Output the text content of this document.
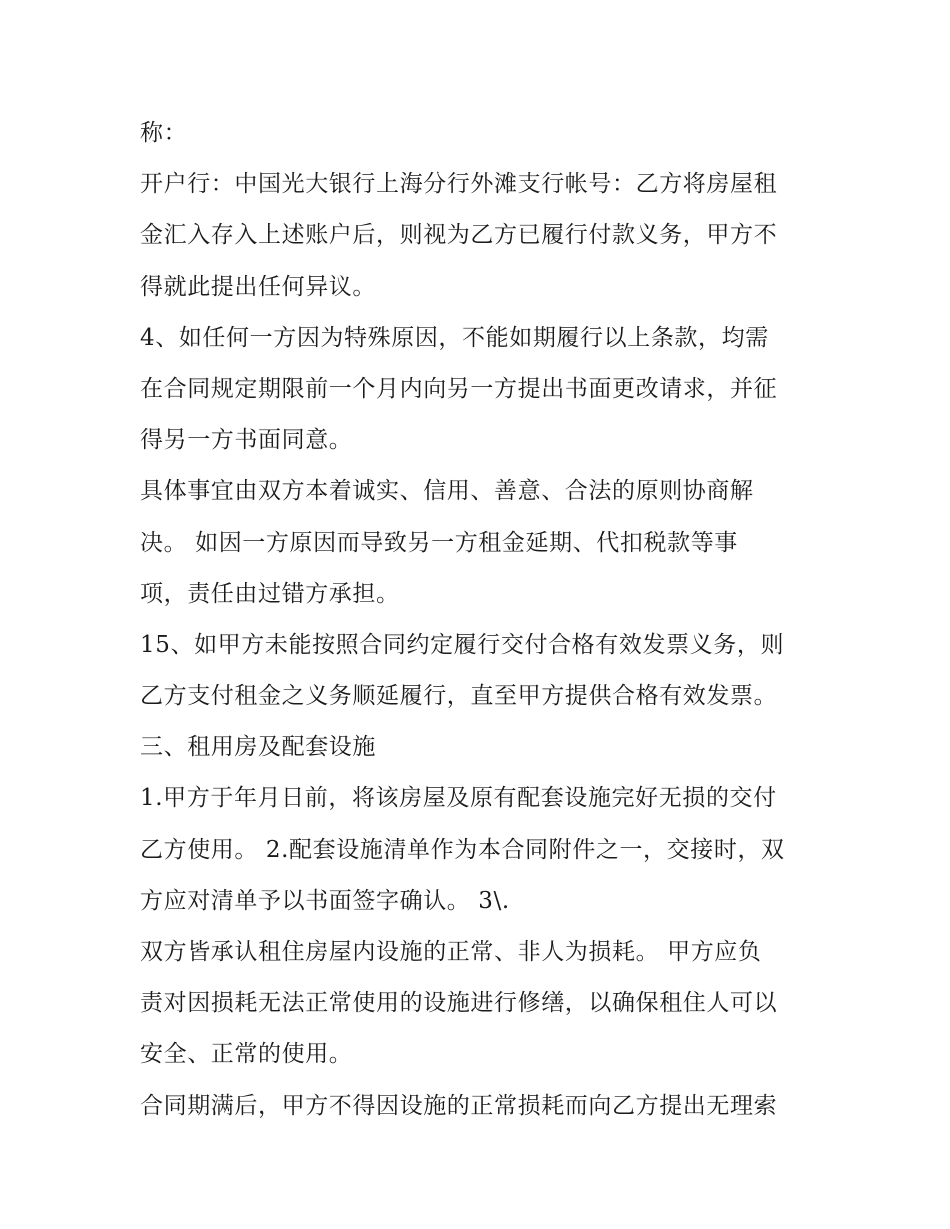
称：
开户行：中国光大银行上海分行外滩支行帐号：乙方将房屋租
金汇入存入上述账户后，则视为乙方已履行付款义务，甲方不
得就此提出任何异议。
4、如任何一方因为特殊原因，不能如期履行以上条款，均需
在合同规定期限前一个月内向另一方提出书面更改请求，并征
得另一方书面同意。
具体事宜由双方本着诚实、信用、善意、合法的原则协商解
决。 如因一方原因而导致另一方租金延期、代扣税款等事
项，责任由过错方承担。
15、如甲方未能按照合同约定履行交付合格有效发票义务，则
乙方支付租金之义务顺延履行，直至甲方提供合格有效发票。
三、租用房及配套设施
1.甲方于年月日前，将该房屋及原有配套设施完好无损的交付
乙方使用。 2.配套设施清单作为本合同附件之一，交接时，双
方应对清单予以书面签字确认。 3\.
双方皆承认租住房屋内设施的正常、非人为损耗。 甲方应负
责对因损耗无法正常使用的设施进行修缮，以确保租住人可以
安全、正常的使用。
合同期满后，甲方不得因设施的正常损耗而向乙方提出无理索
